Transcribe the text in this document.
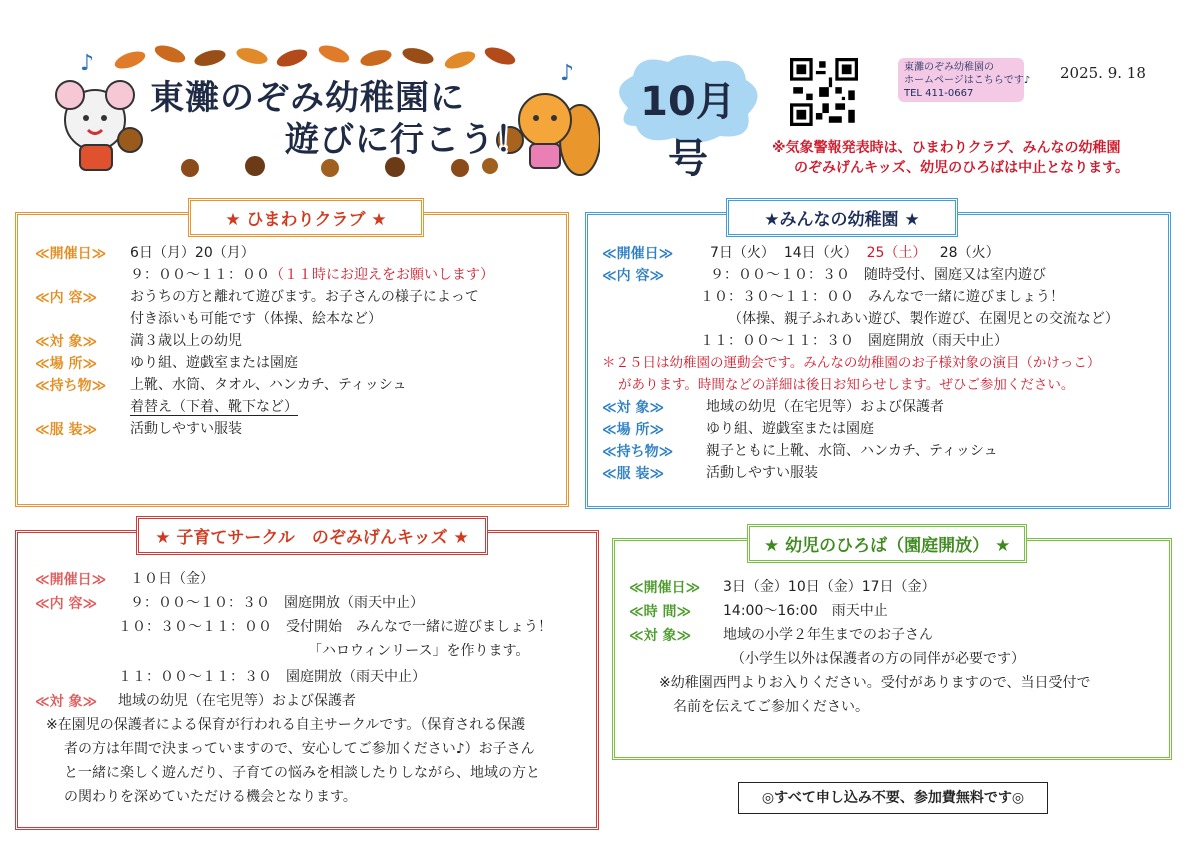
♪	♪
東灘のぞみ幼稚園に
遊びに行こう！
10月号
東灘のぞみ幼稚園の
ホームページはこちらです♪
TEL 411-0667
2025. 9. 18
※気象警報発表時は、ひまわりクラブ、みんなの幼稚園
のぞみげんキッズ、幼児のひろばは中止となります。
★ ひまわりクラブ ★
≪開催日≫ 6日（月）20（月）
９：００～１１：００（１１時にお迎えをお願いします）
≪内 容≫ おうちの方と離れて遊びます。お子さんの様子によって
付き添いも可能です（体操、絵本など）
≪対 象≫ 満３歳以上の幼児
≪場 所≫ ゆり組、遊戯室または園庭
≪持ち物≫ 上靴、水筒、タオル、ハンカチ、ティッシュ
着替え（下着、靴下など）
≪服 装≫ 活動しやすい服装
★みんなの幼稚園 ★
≪開催日≫	7日（火） 14日（火） 25（土） 28（火）
≪内 容≫	９：００～１０：３０　随時受付、園庭又は室内遊び
１０：３０～１１：００　みんなで一緒に遊びましょう！
（体操、親子ふれあい遊び、製作遊び、在園児との交流など）
１１：００～１１：３０　園庭開放（雨天中止）
＊２５日は幼稚園の運動会です。みんなの幼稚園のお子様対象の演目（かけっこ）
があります。時間などの詳細は後日お知らせします。ぜひご参加ください。
≪対 象≫	地域の幼児（在宅児等）および保護者
≪場 所≫	ゆり組、遊戯室または園庭
≪持ち物≫ 親子ともに上靴、水筒、ハンカチ、ティッシュ
≪服 装≫	活動しやすい服装
★ 子育てサークル　のぞみげんキッズ ★
≪開催日≫ １０日（金）
≪内 容≫ ９：００～１０：３０　園庭開放（雨天中止）
１０：３０～１１：００　受付開始　みんなで一緒に遊びましょう！
「ハロウィンリース」を作ります。
１１：００～１１：３０　園庭開放（雨天中止）
≪対 象≫ 地域の幼児（在宅児等）および保護者
※在園児の保護者による保育が行われる自主サークルです。（保育される保護
者の方は年間で決まっていますので、安心してご参加ください♪）お子さん
と一緒に楽しく遊んだり、子育ての悩みを相談したりしながら、地域の方と
の関わりを深めていただける機会となります。
★ 幼児のひろば（園庭開放） ★
≪開催日≫ 3日（金）10日（金）17日（金）
≪時 間≫ 14:00～16:00　雨天中止
≪対 象≫ 地域の小学２年生までのお子さん
（小学生以外は保護者の方の同伴が必要です）
※幼稚園西門よりお入りください。受付がありますので、当日受付で
名前を伝えてご参加ください。
◎すべて申し込み不要、参加費無料です◎
